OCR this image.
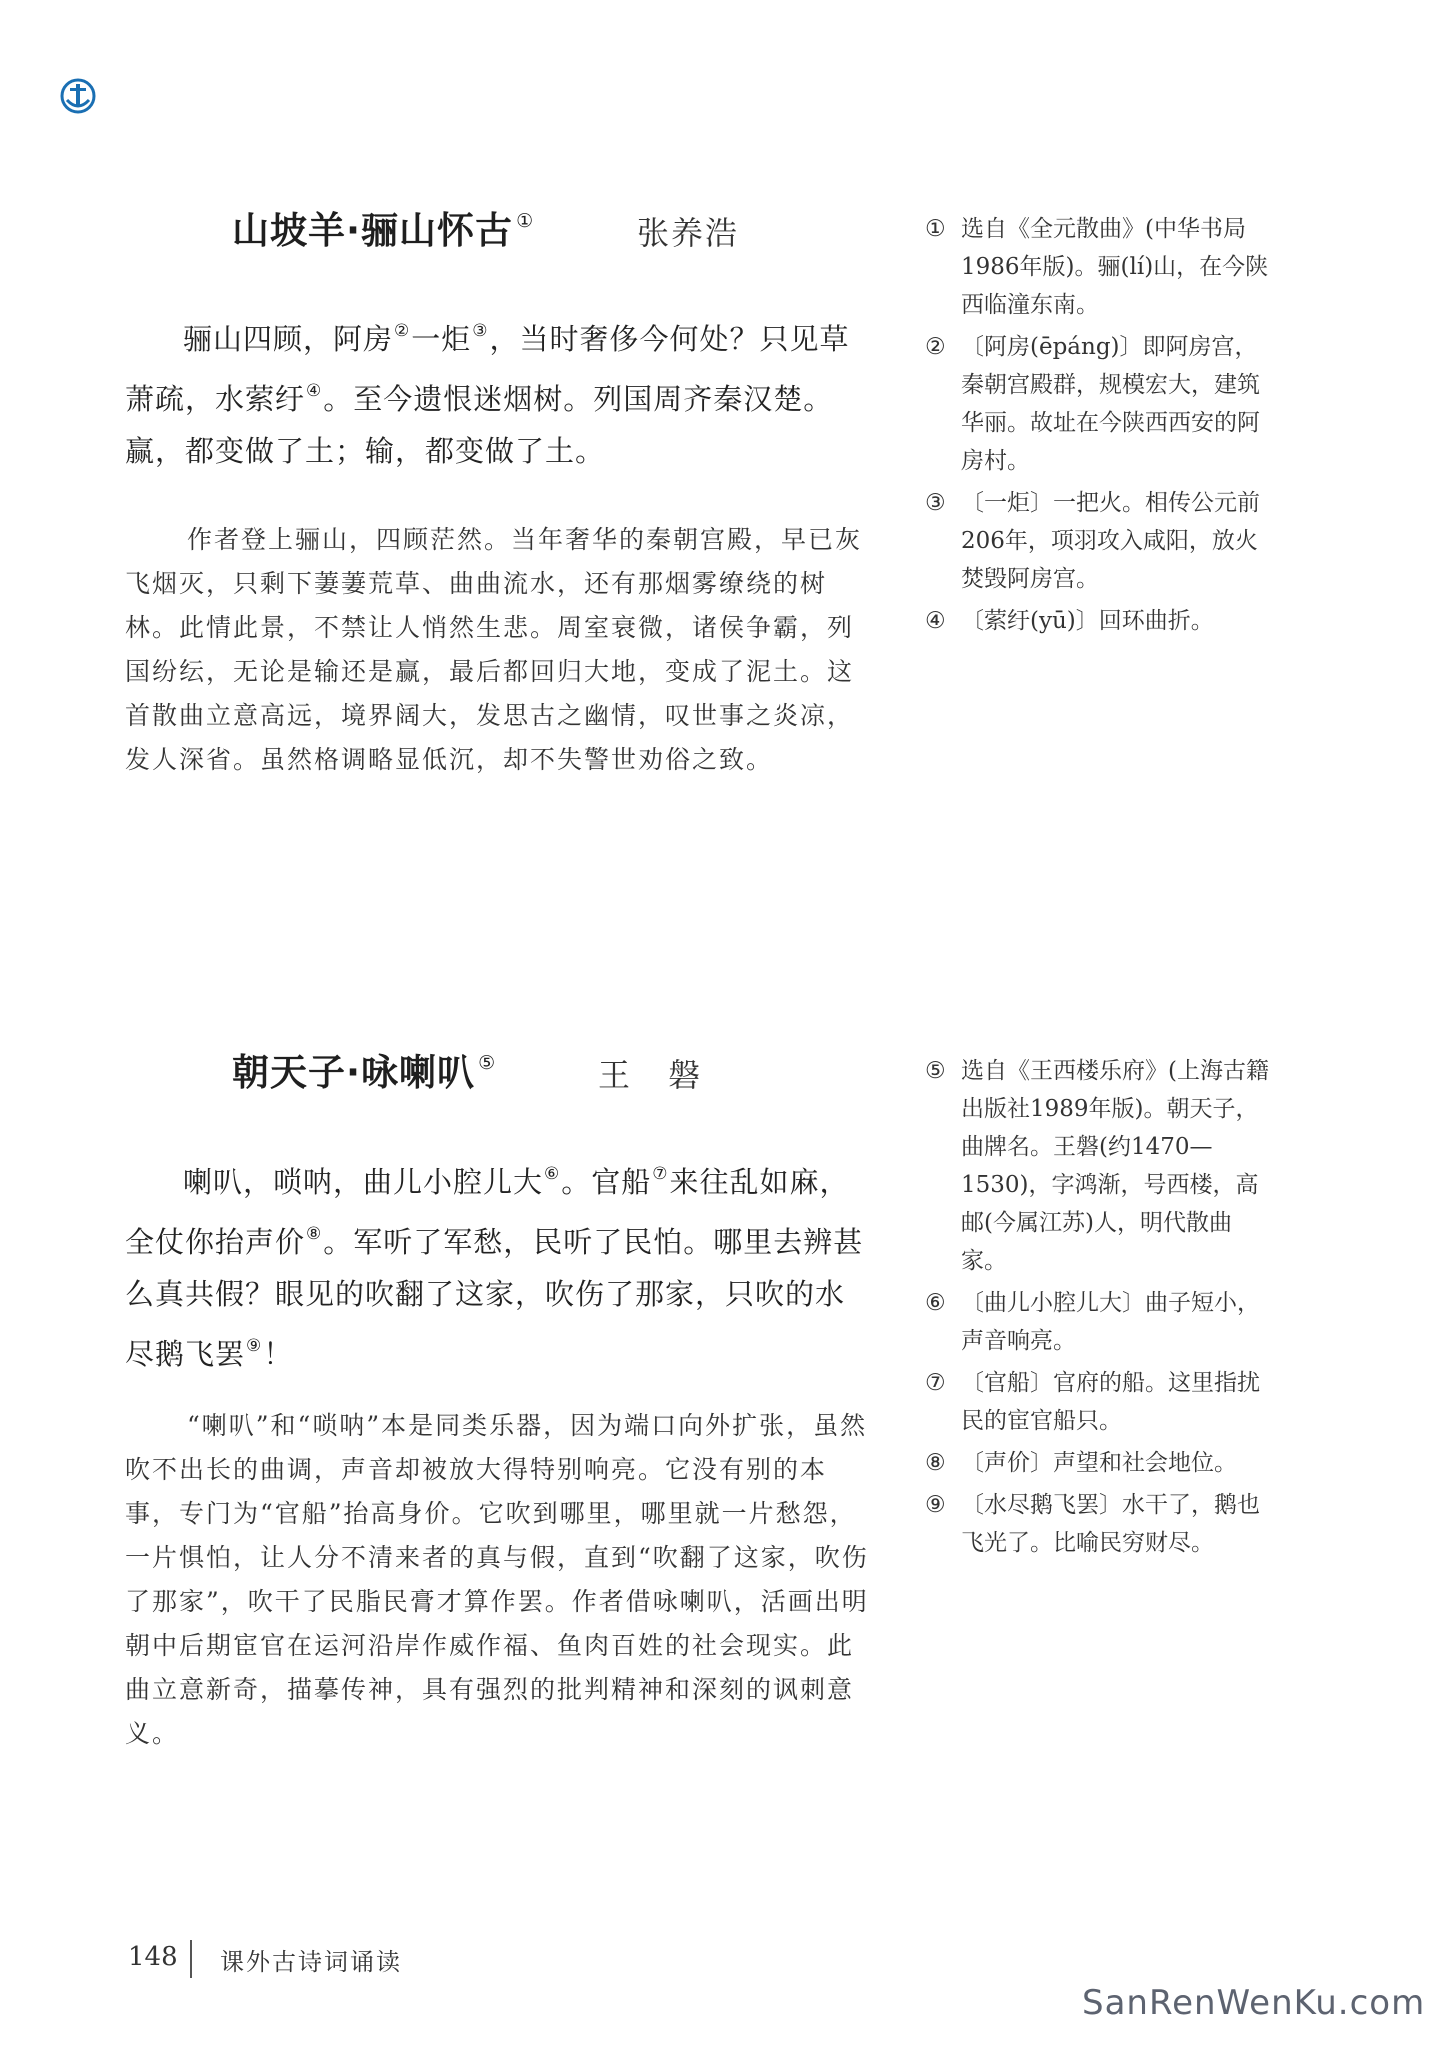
山坡羊·骊山怀古 ①	张养浩
骊山四顾，阿房②一炬③，当时奢侈今何处？只见草萧疏，水萦纡④。至今遗恨迷烟树。列国周齐秦汉楚。赢，都变做了土；输，都变做了土。
作者登上骊山，四顾茫然。当年奢华的秦朝宫殿，早已灰飞烟灭，只剩下萋萋荒草、曲曲流水，还有那烟雾缭绕的树林。此情此景，不禁让人悄然生悲。周室衰微，诸侯争霸，列国纷纭，无论是输还是赢，最后都回归大地，变成了泥土。这首散曲立意高远，境界阔大，发思古之幽情，叹世事之炎凉，发人深省。虽然格调略显低沉，却不失警世劝俗之致。
① 选自《全元散曲》(中华书局1986年版)。骊(lí)山，在今陕西临潼东南。
② 〔阿房(ēpáng)〕即阿房宫，秦朝宫殿群，规模宏大，建筑华丽。故址在今陕西西安的阿房村。
③ 〔一炬〕一把火。相传公元前206年，项羽攻入咸阳，放火焚毁阿房宫。
④ 〔萦纡(yū)〕回环曲折。
朝天子·咏喇叭 ⑤	王 磐
喇叭，唢呐，曲儿小腔儿大⑥。官船⑦来往乱如麻，全仗你抬声价⑧。军听了军愁，民听了民怕。哪里去辨甚么真共假？眼见的吹翻了这家，吹伤了那家，只吹的水尽鹅飞罢⑨！
“喇叭”和“唢呐”本是同类乐器，因为端口向外扩张，虽然吹不出长的曲调，声音却被放大得特别响亮。它没有别的本事，专门为“官船”抬高身价。它吹到哪里，哪里就一片愁怨，一片惧怕，让人分不清来者的真与假，直到“吹翻了这家，吹伤了那家”，吹干了民脂民膏才算作罢。作者借咏喇叭，活画出明朝中后期宦官在运河沿岸作威作福、鱼肉百姓的社会现实。此曲立意新奇，描摹传神，具有强烈的批判精神和深刻的讽刺意义。
⑤ 选自《王西楼乐府》(上海古籍出版社1989年版)。朝天子，曲牌名。王磐(约1470—1530)，字鸿渐，号西楼，高邮(今属江苏)人，明代散曲家。
⑥ 〔曲儿小腔儿大〕曲子短小，声音响亮。
⑦ 〔官船〕官府的船。这里指扰民的宦官船只。
⑧ 〔声价〕声望和社会地位。
⑨ 〔水尽鹅飞罢〕水干了，鹅也飞光了。比喻民穷财尽。
148 课外古诗词诵读
SanRenWenKu.com
